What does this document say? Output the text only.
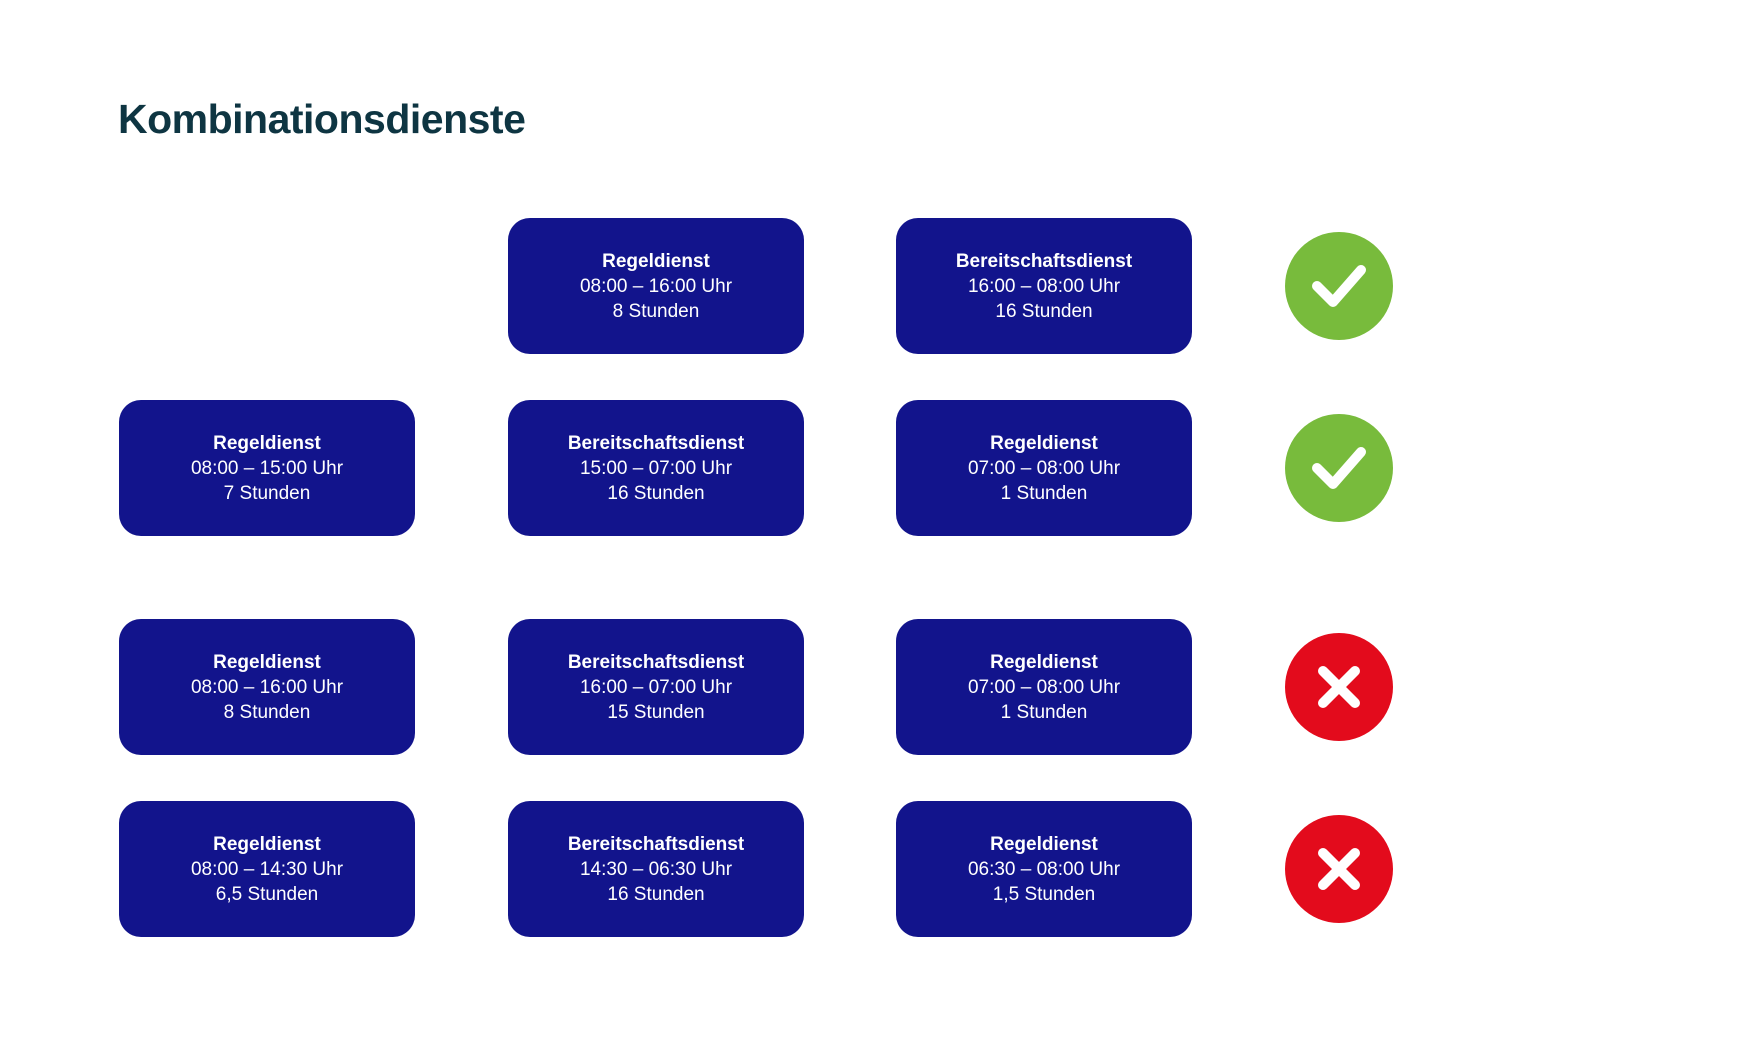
Kombinationsdienste
Regeldienst
08:00 – 16:00 Uhr
8 Stunden
Bereitschaftsdienst
16:00 – 08:00 Uhr
16 Stunden
Regeldienst
08:00 – 15:00 Uhr
7 Stunden
Bereitschaftsdienst
15:00 – 07:00 Uhr
16 Stunden
Regeldienst
07:00 – 08:00 Uhr
1 Stunden
Regeldienst
08:00 – 16:00 Uhr
8 Stunden
Bereitschaftsdienst
16:00 – 07:00 Uhr
15 Stunden
Regeldienst
07:00 – 08:00 Uhr
1 Stunden
Regeldienst
08:00 – 14:30 Uhr
6,5 Stunden
Bereitschaftsdienst
14:30 – 06:30 Uhr
16 Stunden
Regeldienst
06:30 – 08:00 Uhr
1,5 Stunden
